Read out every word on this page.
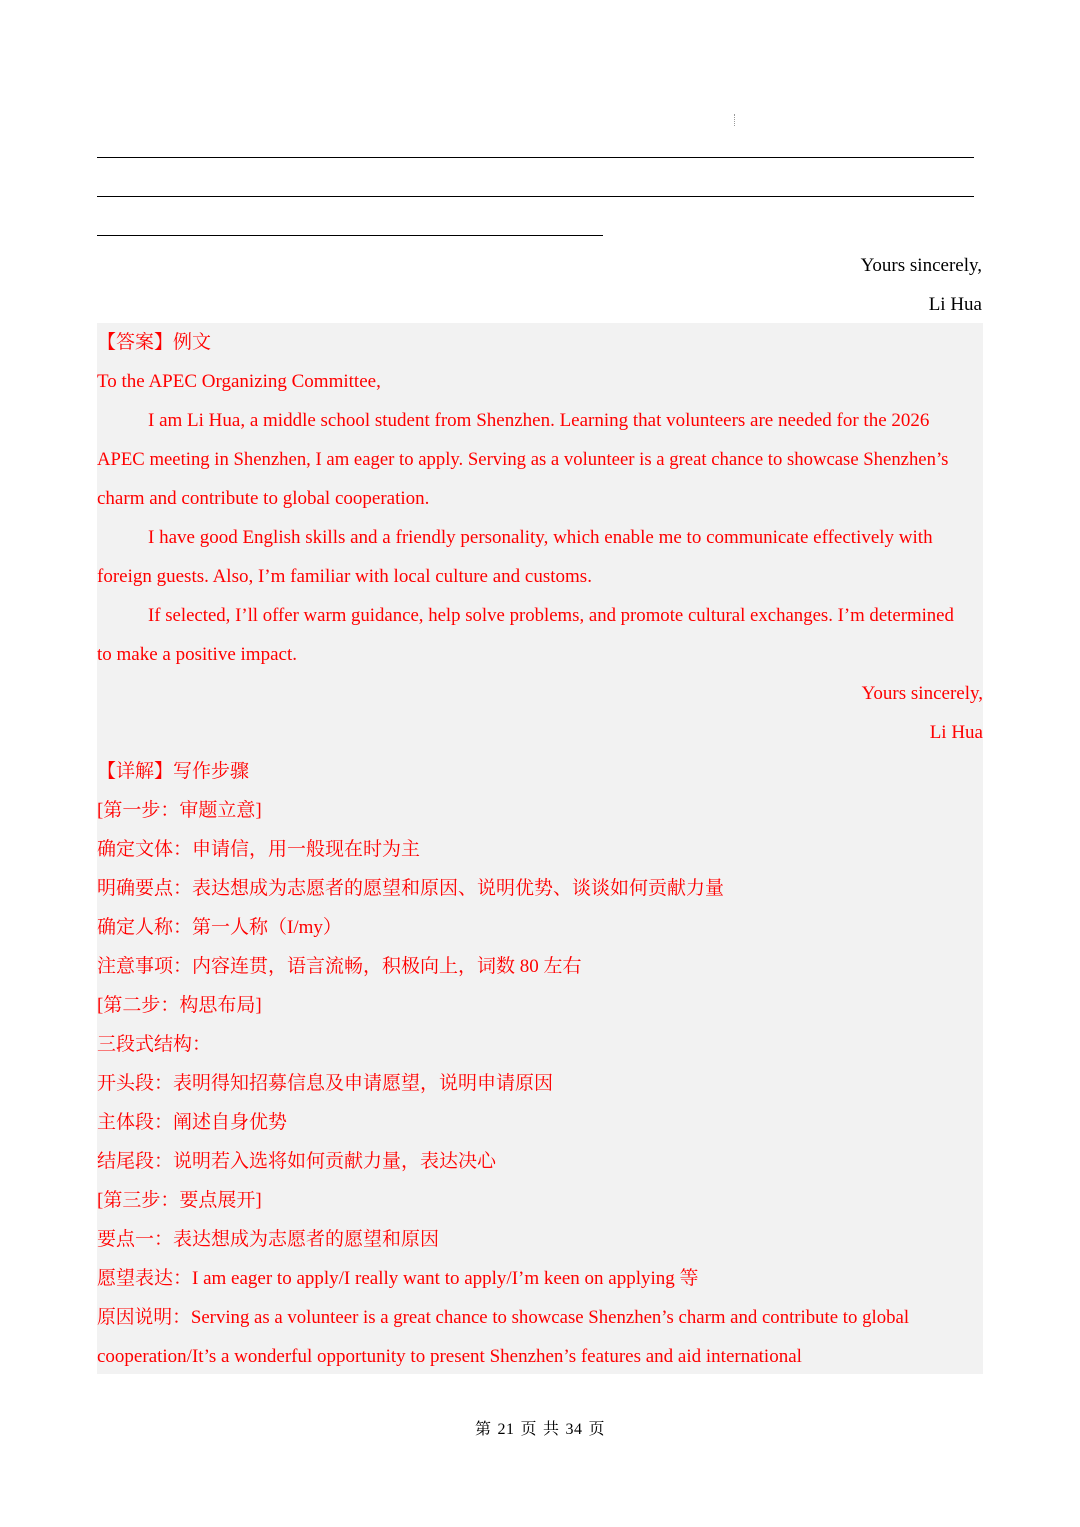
Yours sincerely,
Li Hua
【答案】例文
To the APEC Organizing Committee,
I am Li Hua, a middle school student from Shenzhen. Learning that volunteers are needed for the 2026
APEC meeting in Shenzhen, I am eager to apply. Serving as a volunteer is a great chance to showcase Shenzhen’s
charm and contribute to global cooperation.
I have good English skills and a friendly personality, which enable me to communicate effectively with
foreign guests. Also, I’m familiar with local culture and customs.
If selected, I’ll offer warm guidance, help solve problems, and promote cultural exchanges. I’m determined
to make a positive impact.
Yours sincerely,
Li Hua
【详解】写作步骤
[第一步：审题立意]
确定文体：申请信，用一般现在时为主
明确要点：表达想成为志愿者的愿望和原因、说明优势、谈谈如何贡献力量
确定人称：第一人称（I/my）
注意事项：内容连贯，语言流畅，积极向上，词数 80 左右
[第二步：构思布局]
三段式结构：
开头段：表明得知招募信息及申请愿望，说明申请原因
主体段：阐述自身优势
结尾段：说明若入选将如何贡献力量，表达决心
[第三步：要点展开]
要点一：表达想成为志愿者的愿望和原因
愿望表达：I am eager to apply/I really want to apply/I’m keen on applying 等
原因说明：Serving as a volunteer is a great chance to showcase Shenzhen’s charm and contribute to global
cooperation/It’s a wonderful opportunity to present Shenzhen’s features and aid international
第 21 页 共 34 页
